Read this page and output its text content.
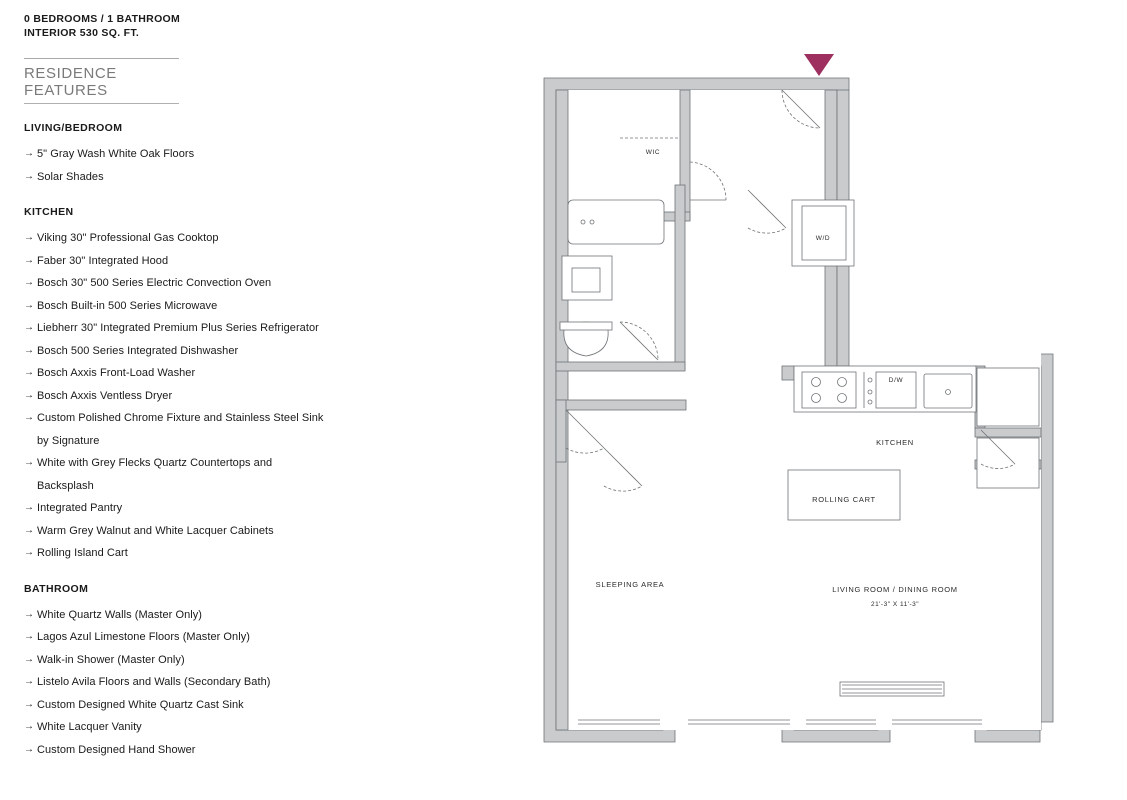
0 BEDROOMS / 1 BATHROOM
INTERIOR 530 SQ. FT.
RESIDENCE FEATURES
LIVING/BEDROOM
→ 5" Gray Wash White Oak Floors
→ Solar Shades
KITCHEN
→ Viking 30" Professional Gas Cooktop
→ Faber 30" Integrated Hood
→ Bosch 30" 500 Series Electric Convection Oven
→ Bosch Built-in 500 Series Microwave
→ Liebherr 30" Integrated Premium Plus Series Refrigerator
→ Bosch 500 Series Integrated Dishwasher
→ Bosch Axxis Front-Load Washer
→ Bosch Axxis Ventless Dryer
→ Custom Polished Chrome Fixture and Stainless Steel Sink by Signature
→ White with Grey Flecks Quartz Countertops and Backsplash
→ Integrated Pantry
→ Warm Grey Walnut and White Lacquer Cabinets
→ Rolling Island Cart
BATHROOM
→ White Quartz Walls (Master Only)
→ Lagos Azul Limestone Floors (Master Only)
→ Walk-in Shower (Master Only)
→ Listelo Avila Floors and Walls (Secondary Bath)
→ Custom Designed White Quartz Cast Sink
→ White Lacquer Vanity
→ Custom Designed Hand Shower
WIC
W/D
D/W
KITCHEN
ROLLING CART
SLEEPING AREA
LIVING ROOM / DINING ROOM
21'-3" X 11'-3"
